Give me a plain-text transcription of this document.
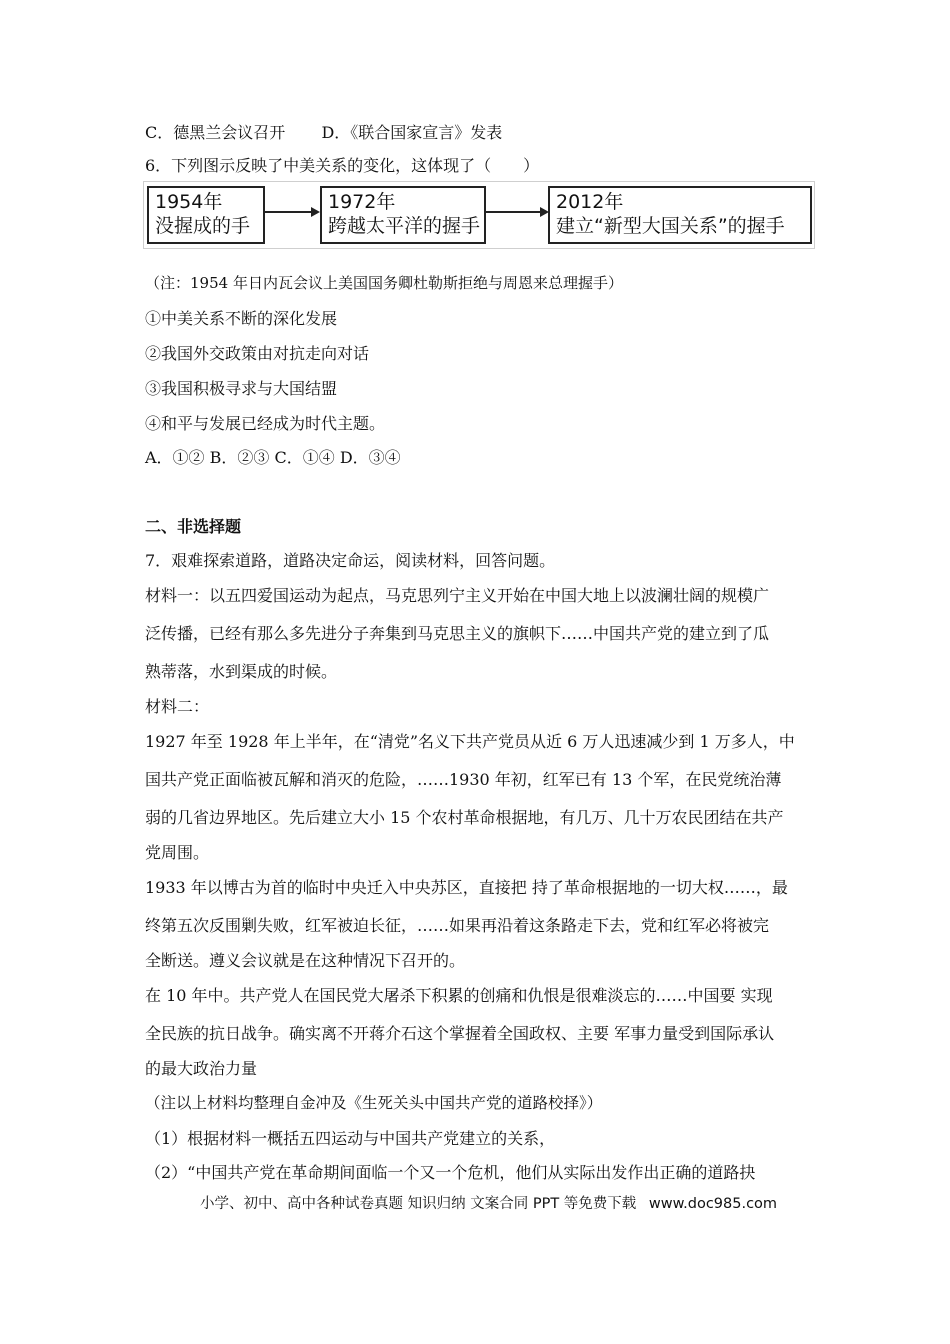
C．德黑兰会议召开 D．《联合国家宣言》发表
6．下列图示反映了中美关系的变化，这体现了（　　）
1954年
没握成的手
1972年
跨越太平洋的握手
2012年
建立“新型大国关系”的握手
（注：1954 年日内瓦会议上美国国务卿杜勒斯拒绝与周恩来总理握手）
①中美关系不断的深化发展
②我国外交政策由对抗走向对话
③我国积极寻求与大国结盟
④和平与发展已经成为时代主题。
A．①② B．②③ C．①④ D．③④
二、非选择题
7．艰难探索道路，道路决定命运，阅读材料，回答问题。
材料一：以五四爱国运动为起点，马克思列宁主义开始在中国大地上以波澜壮阔的规模广
泛传播，已经有那么多先进分子奔集到马克思主义的旗帜下……中国共产党的建立到了瓜
熟蒂落，水到渠成的时候。
材料二：
1927 年至 1928 年上半年，在“清党”名义下共产党员从近 6 万人迅速减少到 1 万多人，中
国共产党正面临被瓦解和消灭的危险，……1930 年初，红军已有 13 个军，在民党统治薄
弱的几省边界地区。先后建立大小 15 个农村革命根据地，有几万、几十万农民团结在共产
党周围。
1933 年以博古为首的临时中央迁入中央苏区，直接把 持了革命根据地的一切大权……，最
终第五次反围剿失败，红军被迫长征，……如果再沿着这条路走下去，党和红军必将被完
全断送。遵义会议就是在这种情况下召开的。
在 10 年中。共产党人在国民党大屠杀下积累的创痛和仇恨是很难淡忘的……中国要 实现
全民族的抗日战争。确实离不开蒋介石这个掌握着全国政权、主要 军事力量受到国际承认
的最大政治力量
（注以上材料均整理自金冲及《生死关头中国共产党的道路校择》）
（1）根据材料一概括五四运动与中国共产党建立的关系，
（2）“中国共产党在革命期间面临一个又一个危机，他们从实际出发作出正确的道路抉
小学、初中、高中各种试卷真题 知识归纳 文案合同 PPT 等免费下载 www.doc985.com
